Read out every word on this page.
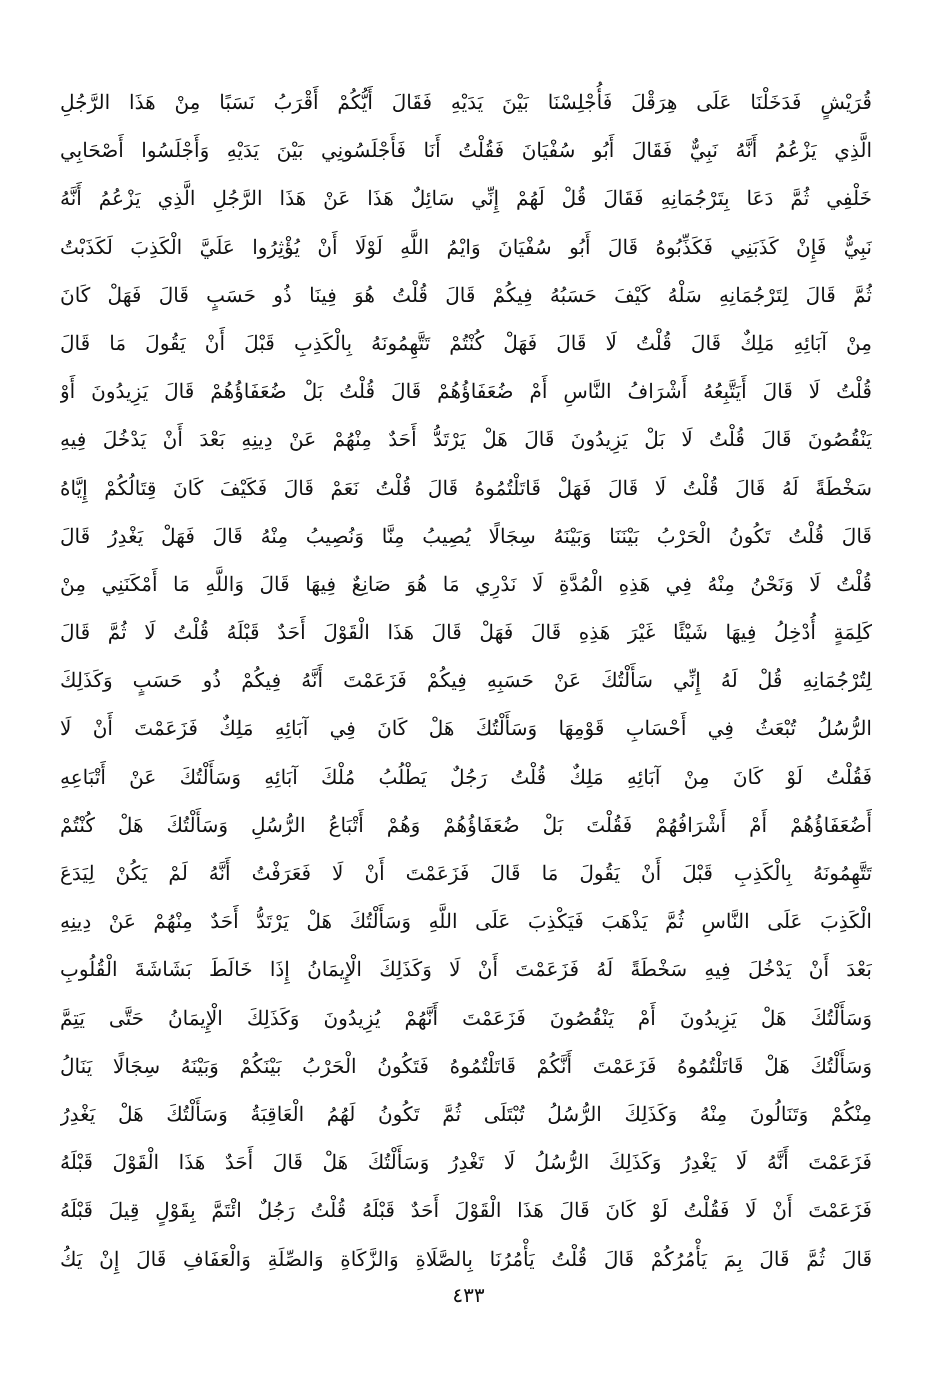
قُرَيْشٍ فَدَخَلْنَا عَلَى هِرَقْلَ فَأُجْلِسْنَا بَيْنَ يَدَيْهِ فَقَالَ أَيُّكُمْ أَقْرَبُ نَسَبًا مِنْ هَذَا الرَّجُلِ
الَّذِي يَزْعُمُ أَنَّهُ نَبِيٌّ فَقَالَ أَبُو سُفْيَانَ فَقُلْتُ أَنَا فَأَجْلَسُونِي بَيْنَ يَدَيْهِ وَأَجْلَسُوا أَصْحَابِي
خَلْفِي ثُمَّ دَعَا بِتَرْجُمَانِهِ فَقَالَ قُلْ لَهُمْ إِنِّي سَائِلٌ هَذَا عَنْ هَذَا الرَّجُلِ الَّذِي يَزْعُمُ أَنَّهُ
نَبِيٌّ فَإِنْ كَذَبَنِي فَكَذِّبُوهُ قَالَ أَبُو سُفْيَانَ وَايْمُ اللَّهِ لَوْلَا أَنْ يُؤْثِرُوا عَلَيَّ الْكَذِبَ لَكَذَبْتُ
ثُمَّ قَالَ لِتَرْجُمَانِهِ سَلْهُ كَيْفَ حَسَبُهُ فِيكُمْ قَالَ قُلْتُ هُوَ فِينَا ذُو حَسَبٍ قَالَ فَهَلْ كَانَ
مِنْ آبَائِهِ مَلِكٌ قَالَ قُلْتُ لَا قَالَ فَهَلْ كُنْتُمْ تَتَّهِمُونَهُ بِالْكَذِبِ قَبْلَ أَنْ يَقُولَ مَا قَالَ
قُلْتُ لَا قَالَ أَيَتَّبِعُهُ أَشْرَافُ النَّاسِ أَمْ ضُعَفَاؤُهُمْ قَالَ قُلْتُ بَلْ ضُعَفَاؤُهُمْ قَالَ يَزِيدُونَ أَوْ
يَنْقُصُونَ قَالَ قُلْتُ لَا بَلْ يَزِيدُونَ قَالَ هَلْ يَرْتَدُّ أَحَدٌ مِنْهُمْ عَنْ دِينِهِ بَعْدَ أَنْ يَدْخُلَ فِيهِ
سَخْطَةً لَهُ قَالَ قُلْتُ لَا قَالَ فَهَلْ قَاتَلْتُمُوهُ قَالَ قُلْتُ نَعَمْ قَالَ فَكَيْفَ كَانَ قِتَالُكُمْ إِيَّاهُ
قَالَ قُلْتُ تَكُونُ الْحَرْبُ بَيْنَنَا وَبَيْنَهُ سِجَالًا يُصِيبُ مِنَّا وَنُصِيبُ مِنْهُ قَالَ فَهَلْ يَغْدِرُ قَالَ
قُلْتُ لَا وَنَحْنُ مِنْهُ فِي هَذِهِ الْمُدَّةِ لَا نَدْرِي مَا هُوَ صَانِعٌ فِيهَا قَالَ وَاللَّهِ مَا أَمْكَنَنِي مِنْ
كَلِمَةٍ أُدْخِلُ فِيهَا شَيْئًا غَيْرَ هَذِهِ قَالَ فَهَلْ قَالَ هَذَا الْقَوْلَ أَحَدٌ قَبْلَهُ قُلْتُ لَا ثُمَّ قَالَ
لِتُرْجُمَانِهِ قُلْ لَهُ إِنِّي سَأَلْتُكَ عَنْ حَسَبِهِ فِيكُمْ فَزَعَمْتَ أَنَّهُ فِيكُمْ ذُو حَسَبٍ وَكَذَلِكَ
الرُّسُلُ تُبْعَثُ فِي أَحْسَابِ قَوْمِهَا وَسَأَلْتُكَ هَلْ كَانَ فِي آبَائِهِ مَلِكٌ فَزَعَمْتَ أَنْ لَا
فَقُلْتُ لَوْ كَانَ مِنْ آبَائِهِ مَلِكٌ قُلْتُ رَجُلٌ يَطْلُبُ مُلْكَ آبَائِهِ وَسَأَلْتُكَ عَنْ أَتْبَاعِهِ
أَضُعَفَاؤُهُمْ أَمْ أَشْرَافُهُمْ فَقُلْتَ بَلْ ضُعَفَاؤُهُمْ وَهُمْ أَتْبَاعُ الرُّسُلِ وَسَأَلْتُكَ هَلْ كُنْتُمْ
تَتَّهِمُونَهُ بِالْكَذِبِ قَبْلَ أَنْ يَقُولَ مَا قَالَ فَزَعَمْتَ أَنْ لَا فَعَرَفْتُ أَنَّهُ لَمْ يَكُنْ لِيَدَعَ
الْكَذِبَ عَلَى النَّاسِ ثُمَّ يَذْهَبَ فَيَكْذِبَ عَلَى اللَّهِ وَسَأَلْتُكَ هَلْ يَرْتَدُّ أَحَدٌ مِنْهُمْ عَنْ دِينِهِ
بَعْدَ أَنْ يَدْخُلَ فِيهِ سَخْطَةً لَهُ فَزَعَمْتَ أَنْ لَا وَكَذَلِكَ الْإِيمَانُ إِذَا خَالَطَ بَشَاشَةَ الْقُلُوبِ
وَسَأَلْتُكَ هَلْ يَزِيدُونَ أَمْ يَنْقُصُونَ فَزَعَمْتَ أَنَّهُمْ يُزِيدُونَ وَكَذَلِكَ الْإِيمَانُ حَتَّى يَتِمَّ
وَسَأَلْتُكَ هَلْ قَاتَلْتُمُوهُ فَزَعَمْتَ أَنَّكُمْ قَاتَلْتُمُوهُ فَتَكُونُ الْحَرْبُ بَيْنَكُمْ وَبَيْنَهُ سِجَالًا يَنَالُ
مِنْكُمْ وَتَنَالُونَ مِنْهُ وَكَذَلِكَ الرُّسُلُ تُبْتَلَى ثُمَّ تَكُونُ لَهُمُ الْعَاقِبَةُ وَسَأَلْتُكَ هَلْ يَغْدِرُ
فَزَعَمْتَ أَنَّهُ لَا يَغْدِرُ وَكَذَلِكَ الرُّسُلُ لَا تَغْدِرُ وَسَأَلْتُكَ هَلْ قَالَ أَحَدٌ هَذَا الْقَوْلَ قَبْلَهُ
فَزَعَمْتَ أَنْ لَا فَقُلْتُ لَوْ كَانَ قَالَ هَذَا الْقَوْلَ أَحَدٌ قَبْلَهُ قُلْتُ رَجُلٌ ائْتَمَّ بِقَوْلٍ قِيلَ قَبْلَهُ
قَالَ ثُمَّ قَالَ بِمَ يَأْمُرُكُمْ قَالَ قُلْتُ يَأْمُرُنَا بِالصَّلَاةِ وَالزَّكَاةِ وَالصِّلَةِ وَالْعَفَافِ قَالَ إِنْ يَكُ
٤٣٣
